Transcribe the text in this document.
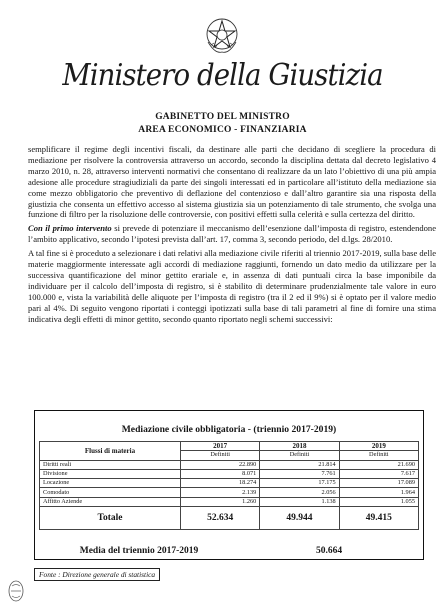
Ministero della Giustizia
GABINETTO DEL MINISTRO
AREA ECONOMICO - FINANZIARIA

semplificare il regime degli incentivi fiscali, da destinare alle parti che decidano di scegliere la procedura di mediazione per risolvere la controversia attraverso un accordo, secondo la disciplina dettata dal decreto legislativo 4 marzo 2010, n. 28, attraverso interventi normativi che consentano di realizzare da un lato l’obiettivo di una più ampia adesione alle procedure stragiudiziali da parte dei singoli interessati ed in particolare all’istituto della mediazione sia come mezzo obbligatorio che preventivo di deflazione del contenzioso e dall’altro garantire sia una risposta della giustizia che consenta un effettivo accesso al sistema giustizia sia un potenziamento di tale strumento, che svolga una funzione di filtro per la risoluzione delle controversie, con positivi effetti sulla celerità e sulla certezza del diritto.

Con il primo intervento si prevede di potenziare il meccanismo dell’esenzione dall’imposta di registro, estendendone l’ambito applicativo, secondo l’ipotesi prevista dall’art. 17, comma 3, secondo periodo, del d.lgs. 28/2010.

A tal fine si è proceduto a selezionare i dati relativi alla mediazione civile riferiti al triennio 2017-2019, sulla base delle materie maggiormente interessate agli accordi di mediazione raggiunti, fornendo un dato medio da utilizzare per la successiva quantificazione del minor gettito erariale e, in assenza di dati puntuali circa la base imponibile da individuare per il calcolo dell’imposta di registro, si è stabilito di determinare prudenzialmente tale valore in euro 100.000 e, vista la variabilità delle aliquote per l’imposta di registro (tra il 2 ed il 9%) si è optato per il valore medio pari al 4%. Di seguito vengono riportati i conteggi ipotizzati sulla base di tali parametri al fine di fornire una stima indicativa degli effetti di minor gettito, secondo quanto riportato negli schemi successivi:

Mediazione civile obbligatoria - (triennio 2017-2019)
Flussi di materia	2017	2018	2019
	Definiti	Definiti	Definiti
Diritti reali	22.890	21.814	21.690
Divisione	8.071	7.761	7.617
Locazione	18.274	17.175	17.089
Comodato	2.139	2.056	1.964
Affitto Aziende	1.260	1.138	1.055
Totale	52.634	49.944	49.415
Media del triennio 2017-2019	50.664
Fonte : Direzione generale di statistica
